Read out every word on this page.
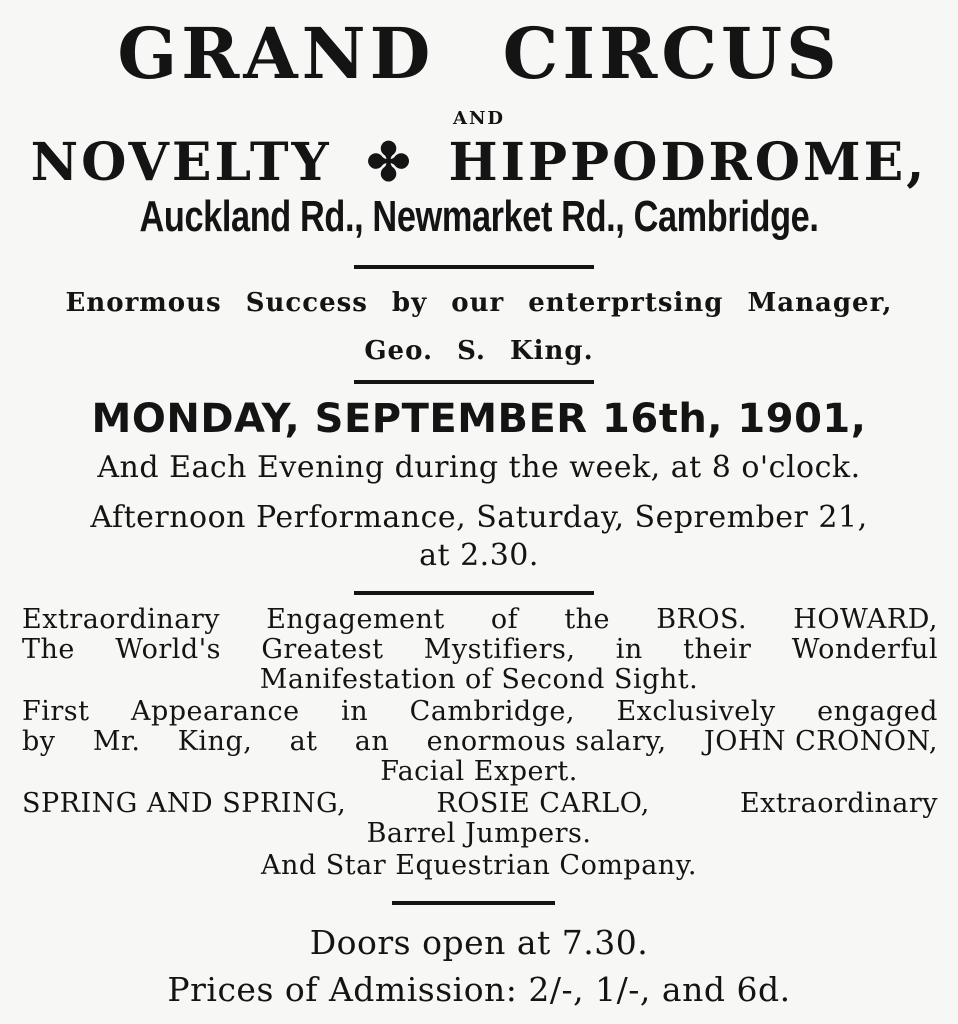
GRAND CIRCUS
AND
NOVELTY ✤ HIPPODROME,
Auckland Rd., Newmarket Rd., Cambridge.
Enormous Success by our enterprtsing Manager,
Geo. S. King.
MONDAY, SEPTEMBER 16th, 1901,
And Each Evening during the week, at 8 o'clock.
Afternoon Performance, Saturday, Seprember 21,
at 2.30.
Extraordinary Engagement of the BROS. HOWARD,
The World's Greatest Mystifiers, in their Wonderful
Manifestation of Second Sight.
First Appearance in Cambridge, Exclusively engaged
by Mr. King, at an enormous salary, JOHN CRONON,
Facial Expert.
SPRING AND SPRING,	ROSIE CARLO,	Extraordinary
Barrel Jumpers.
And Star Equestrian Company.
Doors open at 7.30.
Prices of Admission: 2/-, 1/-, and 6d.
